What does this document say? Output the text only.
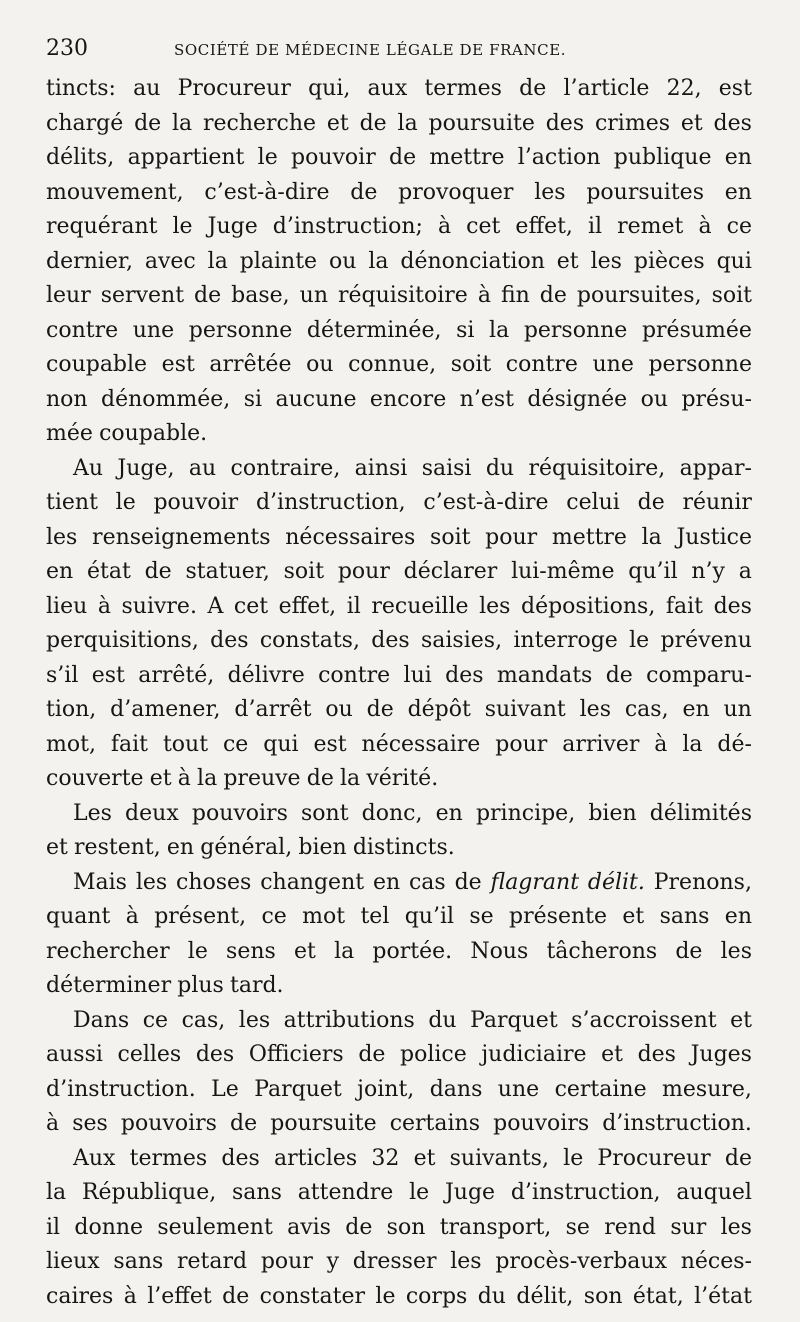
230	SOCIÉTÉ DE MÉDECINE LÉGALE DE FRANCE.
tincts: au Procureur qui, aux termes de l’article 22, est
chargé de la recherche et de la poursuite des crimes et des
délits, appartient le pouvoir de mettre l’action publique en
mouvement, c’est-à-dire de provoquer les poursuites en
requérant le Juge d’instruction; à cet effet, il remet à ce
dernier, avec la plainte ou la dénonciation et les pièces qui
leur servent de base, un réquisitoire à fin de poursuites, soit
contre une personne déterminée, si la personne présumée
coupable est arrêtée ou connue, soit contre une personne
non dénommée, si aucune encore n’est désignée ou présu-
mée coupable.
Au Juge, au contraire, ainsi saisi du réquisitoire, appar-
tient le pouvoir d’instruction, c’est-à-dire celui de réunir
les renseignements nécessaires soit pour mettre la Justice
en état de statuer, soit pour déclarer lui-même qu’il n’y a
lieu à suivre. A cet effet, il recueille les dépositions, fait des
perquisitions, des constats, des saisies, interroge le prévenu
s’il est arrêté, délivre contre lui des mandats de comparu-
tion, d’amener, d’arrêt ou de dépôt suivant les cas, en un
mot, fait tout ce qui est nécessaire pour arriver à la dé-
couverte et à la preuve de la vérité.
Les deux pouvoirs sont donc, en principe, bien délimités
et restent, en général, bien distincts.
Mais les choses changent en cas de flagrant délit. Prenons,
quant à présent, ce mot tel qu’il se présente et sans en
rechercher le sens et la portée. Nous tâcherons de les
déterminer plus tard.
Dans ce cas, les attributions du Parquet s’accroissent et
aussi celles des Officiers de police judiciaire et des Juges
d’instruction. Le Parquet joint, dans une certaine mesure,
à ses pouvoirs de poursuite certains pouvoirs d’instruction.
Aux termes des articles 32 et suivants, le Procureur de
la République, sans attendre le Juge d’instruction, auquel
il donne seulement avis de son transport, se rend sur les
lieux sans retard pour y dresser les procès-verbaux néces-
caires à l’effet de constater le corps du délit, son état, l’état
